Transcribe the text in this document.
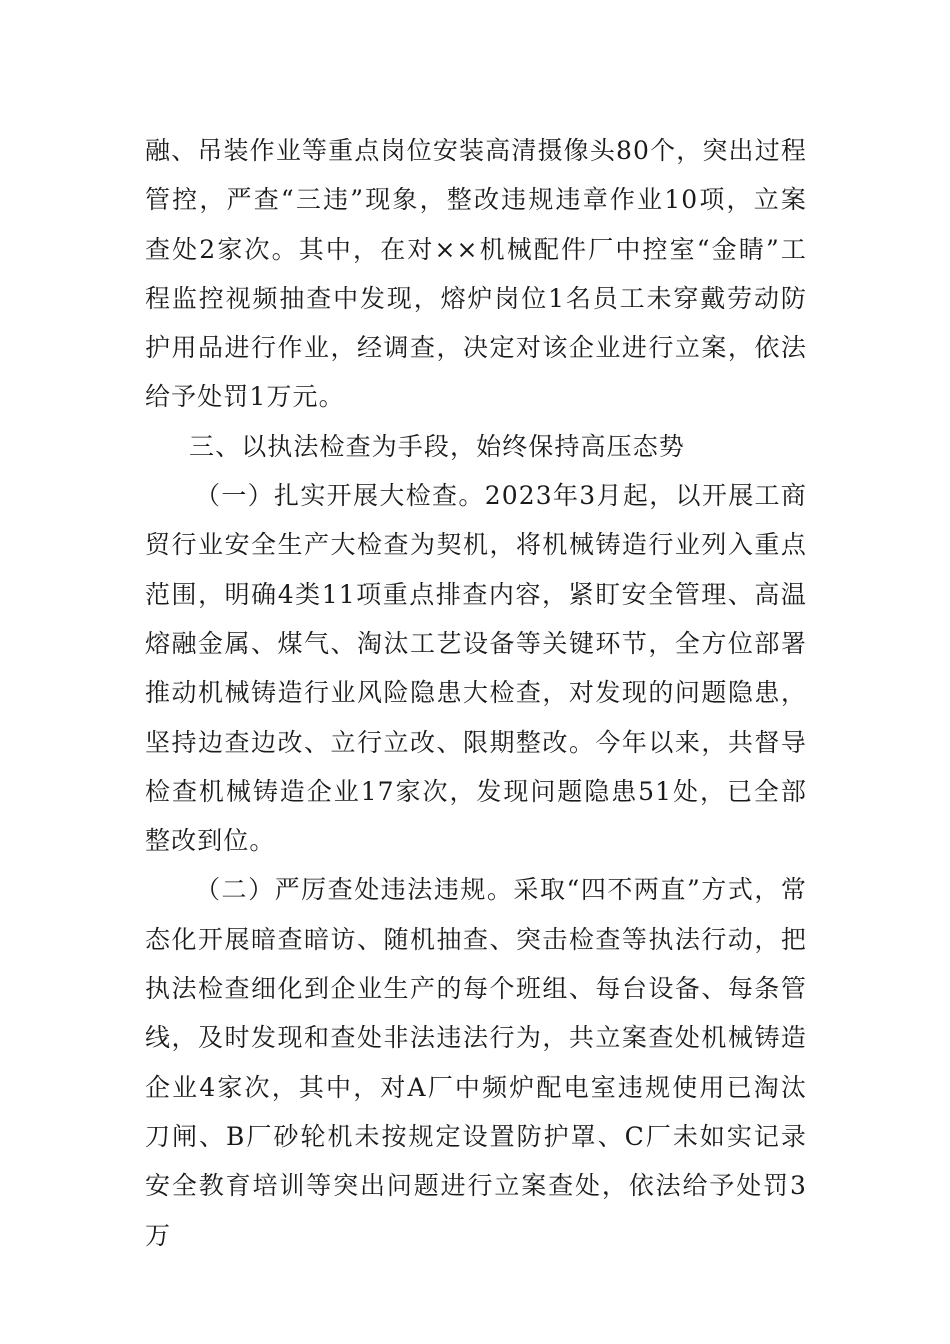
融、吊装作业等重点岗位安装高清摄像头80个，突出过程管控，严查“三违”现象，整改违规违章作业10项，立案查处2家次。其中，在对××机械配件厂中控室“金睛”工程监控视频抽查中发现，熔炉岗位1名员工未穿戴劳动防护用品进行作业，经调查，决定对该企业进行立案，依法给予处罚1万元。

三、以执法检查为手段，始终保持高压态势

（一）扎实开展大检查。2023年3月起，以开展工商贸行业安全生产大检查为契机，将机械铸造行业列入重点范围，明确4类11项重点排查内容，紧盯安全管理、高温熔融金属、煤气、淘汰工艺设备等关键环节，全方位部署推动机械铸造行业风险隐患大检查，对发现的问题隐患，坚持边查边改、立行立改、限期整改。今年以来，共督导检查机械铸造企业17家次，发现问题隐患51处，已全部整改到位。

（二）严厉查处违法违规。采取“四不两直”方式，常态化开展暗查暗访、随机抽查、突击检查等执法行动，把执法检查细化到企业生产的每个班组、每台设备、每条管线，及时发现和查处非法违法行为，共立案查处机械铸造企业4家次，其中，对A厂中频炉配电室违规使用已淘汰刀闸、B厂砂轮机未按规定设置防护罩、C厂未如实记录安全教育培训等突出问题进行立案查处，依法给予处罚3万
